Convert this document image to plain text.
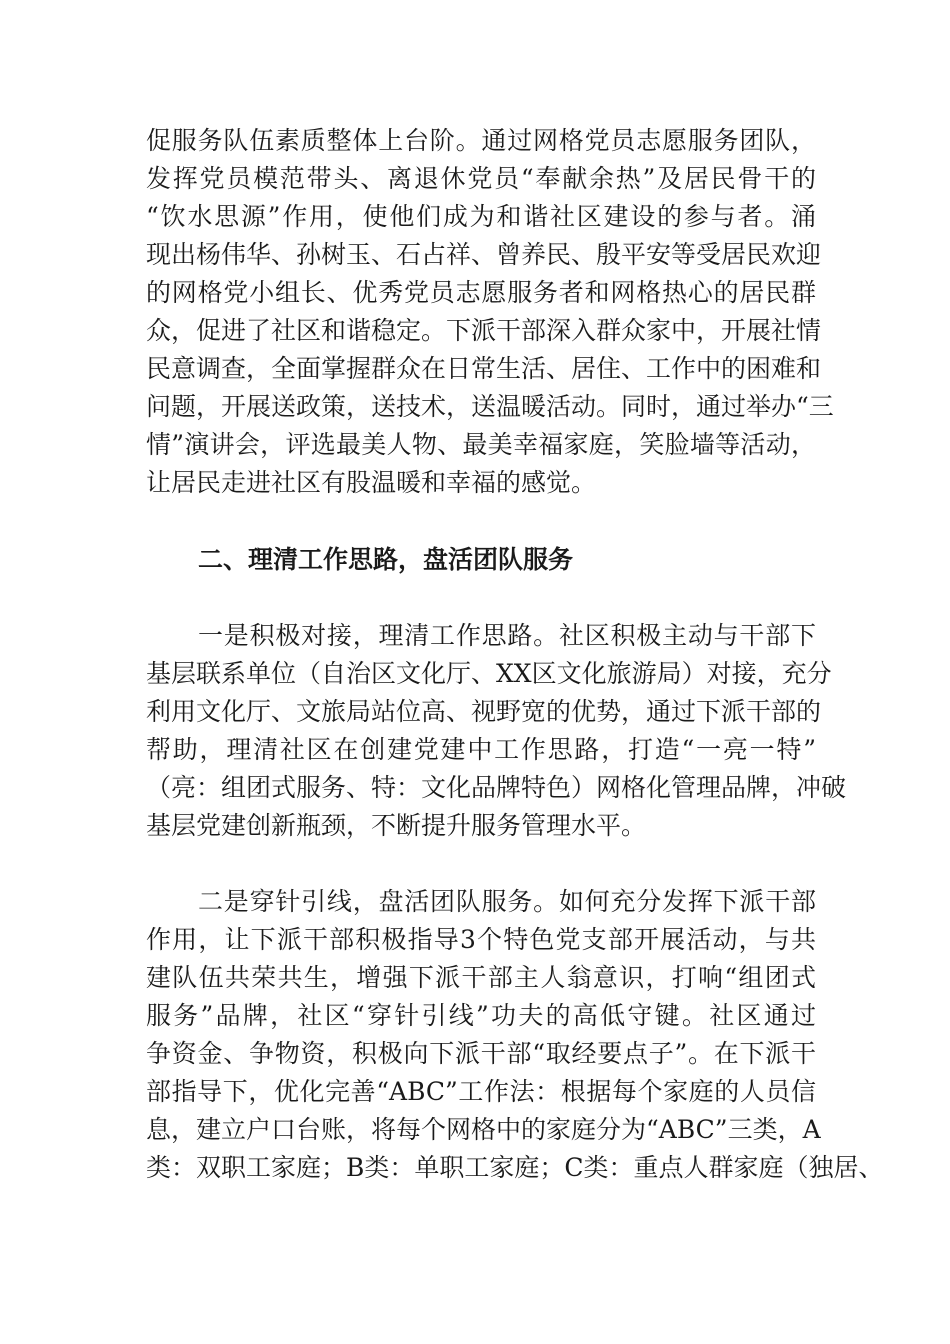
促服务队伍素质整体上台阶。通过网格党员志愿服务团队，
发挥党员模范带头、离退休党员“奉献余热”及居民骨干的
“饮水思源”作用，使他们成为和谐社区建设的参与者。涌
现出杨伟华、孙树玉、石占祥、曾养民、殷平安等受居民欢迎
的网格党小组长、优秀党员志愿服务者和网格热心的居民群
众，促进了社区和谐稳定。下派干部深入群众家中，开展社情
民意调查，全面掌握群众在日常生活、居住、工作中的困难和
问题，开展送政策，送技术，送温暖活动。同时，通过举办“三
情”演讲会，评选最美人物、最美幸福家庭，笑脸墙等活动，
让居民走进社区有股温暖和幸福的感觉。
二、理清工作思路，盘活团队服务
一是积极对接，理清工作思路。社区积极主动与干部下
基层联系单位（自治区文化厅、XX区文化旅游局）对接，充分
利用文化厅、文旅局站位高、视野宽的优势，通过下派干部的
帮助，理清社区在创建党建中工作思路，打造“一亮一特”
（亮：组团式服务、特：文化品牌特色）网格化管理品牌，冲破
基层党建创新瓶颈，不断提升服务管理水平。
二是穿针引线，盘活团队服务。如何充分发挥下派干部
作用，让下派干部积极指导3个特色党支部开展活动，与共
建队伍共荣共生，增强下派干部主人翁意识，打响“组团式
服务”品牌，社区“穿针引线”功夫的高低守键。社区通过
争资金、争物资，积极向下派干部“取经要点子”。在下派干
部指导下，优化完善“ABC”工作法：根据每个家庭的人员信
息，建立户口台账，将每个网格中的家庭分为“ABC”三类，A
类：双职工家庭；B类：单职工家庭；C类：重点人群家庭（独居、
